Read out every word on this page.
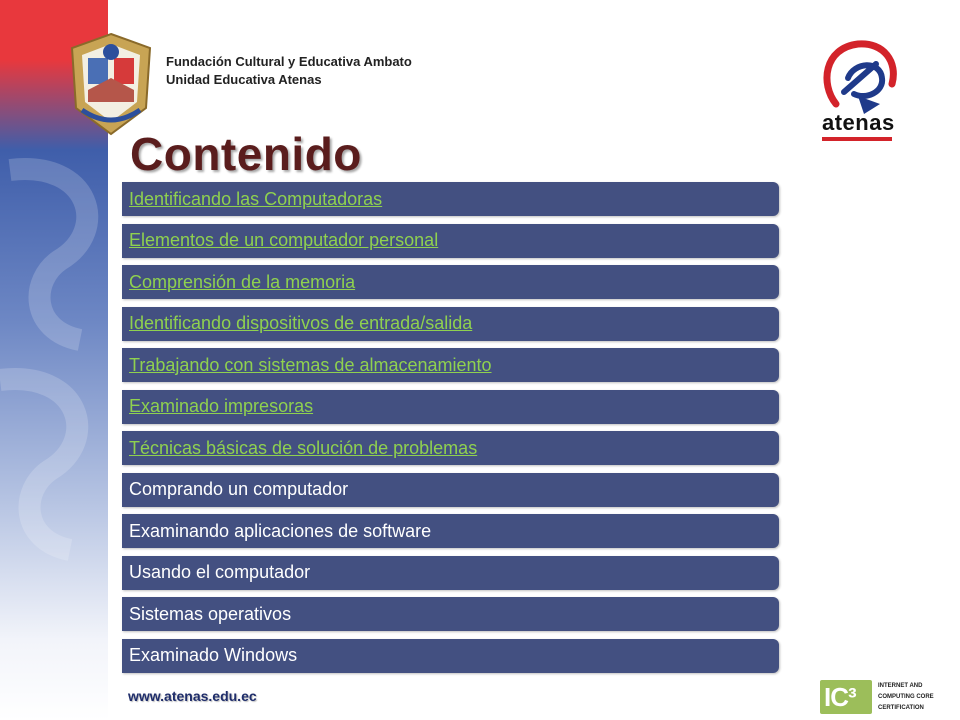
Fundación Cultural y Educativa Ambato
Unidad Educativa Atenas
atenas
Contenido
Identificando las Computadoras
Elementos de un computador personal
Comprensión de la memoria
Identificando dispositivos de entrada/salida
Trabajando con sistemas de almacenamiento
Examinado impresoras
Técnicas básicas de solución de problemas
Comprando un computador
Examinando aplicaciones de software
Usando el computador
Sistemas operativos
Examinado Windows
www.atenas.edu.ec	IC³	INTERNET AND
COMPUTING CORE
CERTIFICATION
